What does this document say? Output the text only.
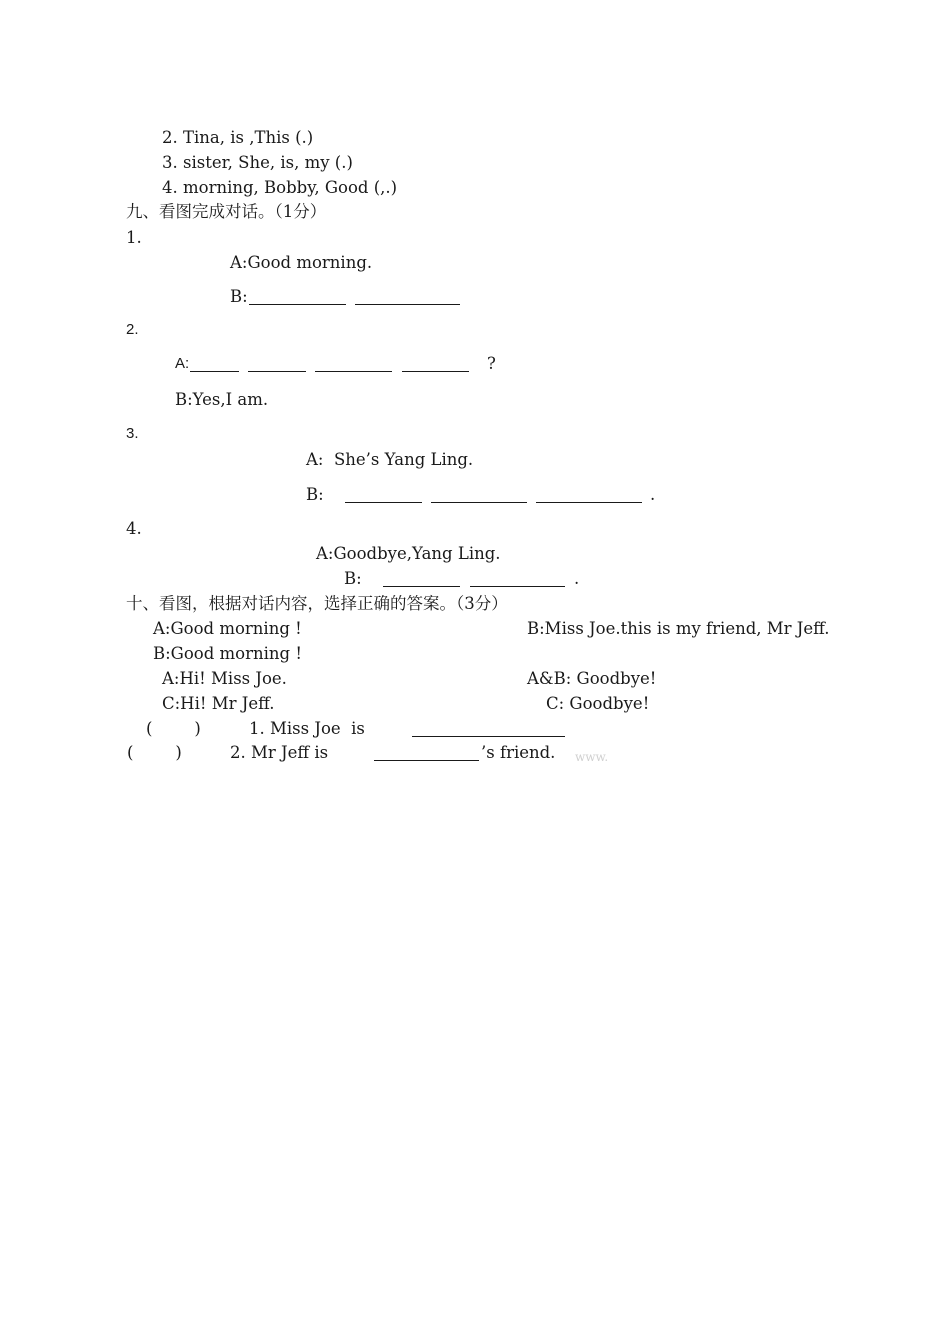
2. Tina, is ,This (.)
3. sister, She, is, my (.)
4. morning, Bobby, Good (,.)
九、看图完成对话。（1分）
1.
A:Good morning.
B:
2.
A:	?
B:Yes,I am.
3.
A:  She’s Yang Ling.
B:	.
4.
A:Goodbye,Yang Ling.
B:	.
十、看图，根据对话内容，选择正确的答案。（3分）
A:Good morning !
B:Good morning !
A:Hi! Miss Joe.
C:Hi! Mr Jeff.
B:Miss Joe.this is my friend, Mr Jeff.
A&B: Goodbye!
C: Goodbye!
(        )	1. Miss Joe  is
(        )	2. Mr Jeff is	’s friend. www.
